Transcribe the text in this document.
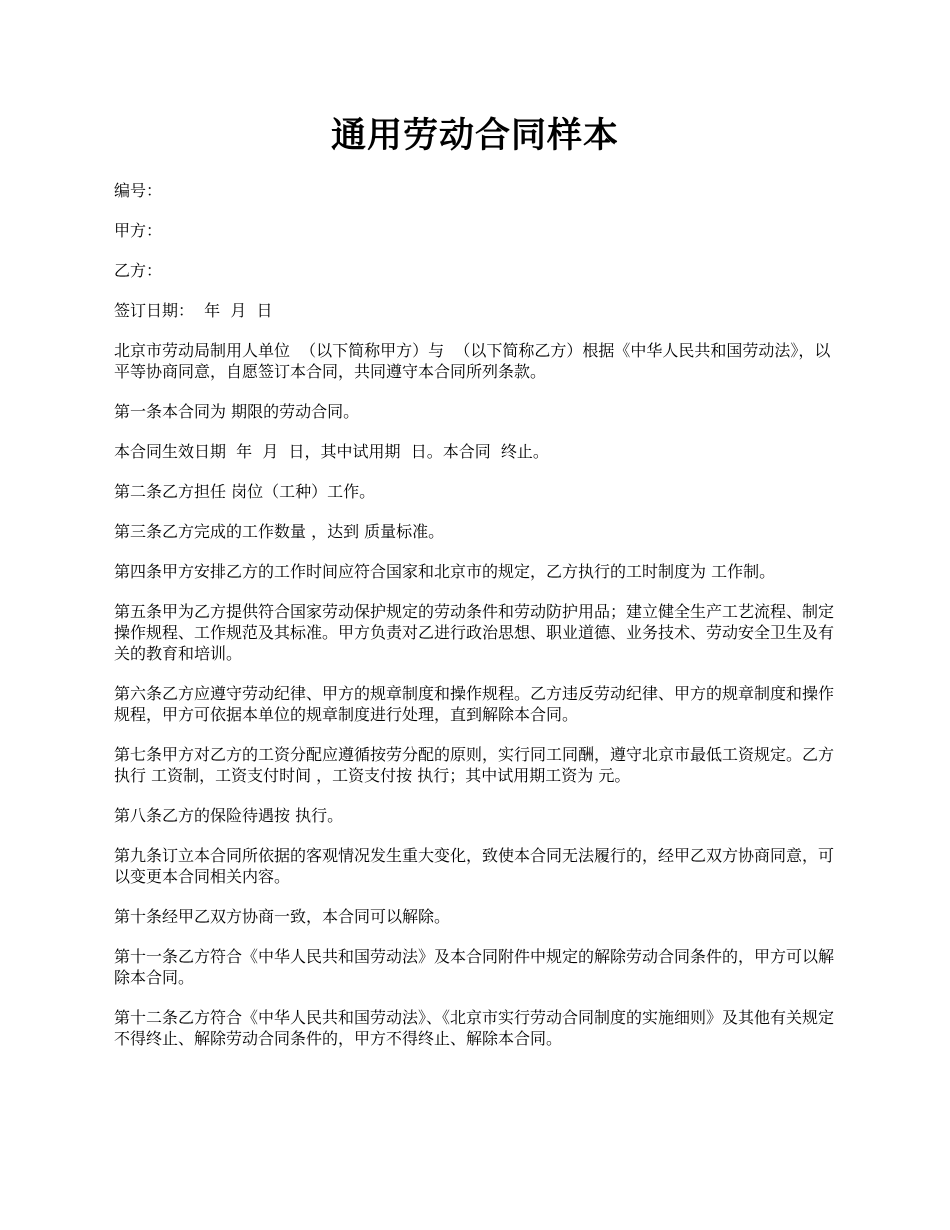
通用劳动合同样本

编号：

甲方：

乙方：

签订日期：  年  月  日

北京市劳动局制用人单位  （以下简称甲方）与  （以下简称乙方）根据《中华人民共和国劳动法》，以平等协商同意，自愿签订本合同，共同遵守本合同所列条款。

第一条本合同为 期限的劳动合同。

本合同生效日期  年  月  日，其中试用期  日。本合同  终止。

第二条乙方担任 岗位（工种）工作。

第三条乙方完成的工作数量 ，达到 质量标准。

第四条甲方安排乙方的工作时间应符合国家和北京市的规定，乙方执行的工时制度为 工作制。

第五条甲为乙方提供符合国家劳动保护规定的劳动条件和劳动防护用品；建立健全生产工艺流程、制定操作规程、工作规范及其标准。甲方负责对乙进行政治思想、职业道德、业务技术、劳动安全卫生及有关的教育和培训。

第六条乙方应遵守劳动纪律、甲方的规章制度和操作规程。乙方违反劳动纪律、甲方的规章制度和操作规程，甲方可依据本单位的规章制度进行处理，直到解除本合同。

第七条甲方对乙方的工资分配应遵循按劳分配的原则，实行同工同酬，遵守北京市最低工资规定。乙方执行 工资制，工资支付时间 ，工资支付按 执行；其中试用期工资为 元。

第八条乙方的保险待遇按 执行。

第九条订立本合同所依据的客观情况发生重大变化，致使本合同无法履行的，经甲乙双方协商同意，可以变更本合同相关内容。

第十条经甲乙双方协商一致，本合同可以解除。

第十一条乙方符合《中华人民共和国劳动法》及本合同附件中规定的解除劳动合同条件的，甲方可以解除本合同。

第十二条乙方符合《中华人民共和国劳动法》、《北京市实行劳动合同制度的实施细则》及其他有关规定不得终止、解除劳动合同条件的，甲方不得终止、解除本合同。
